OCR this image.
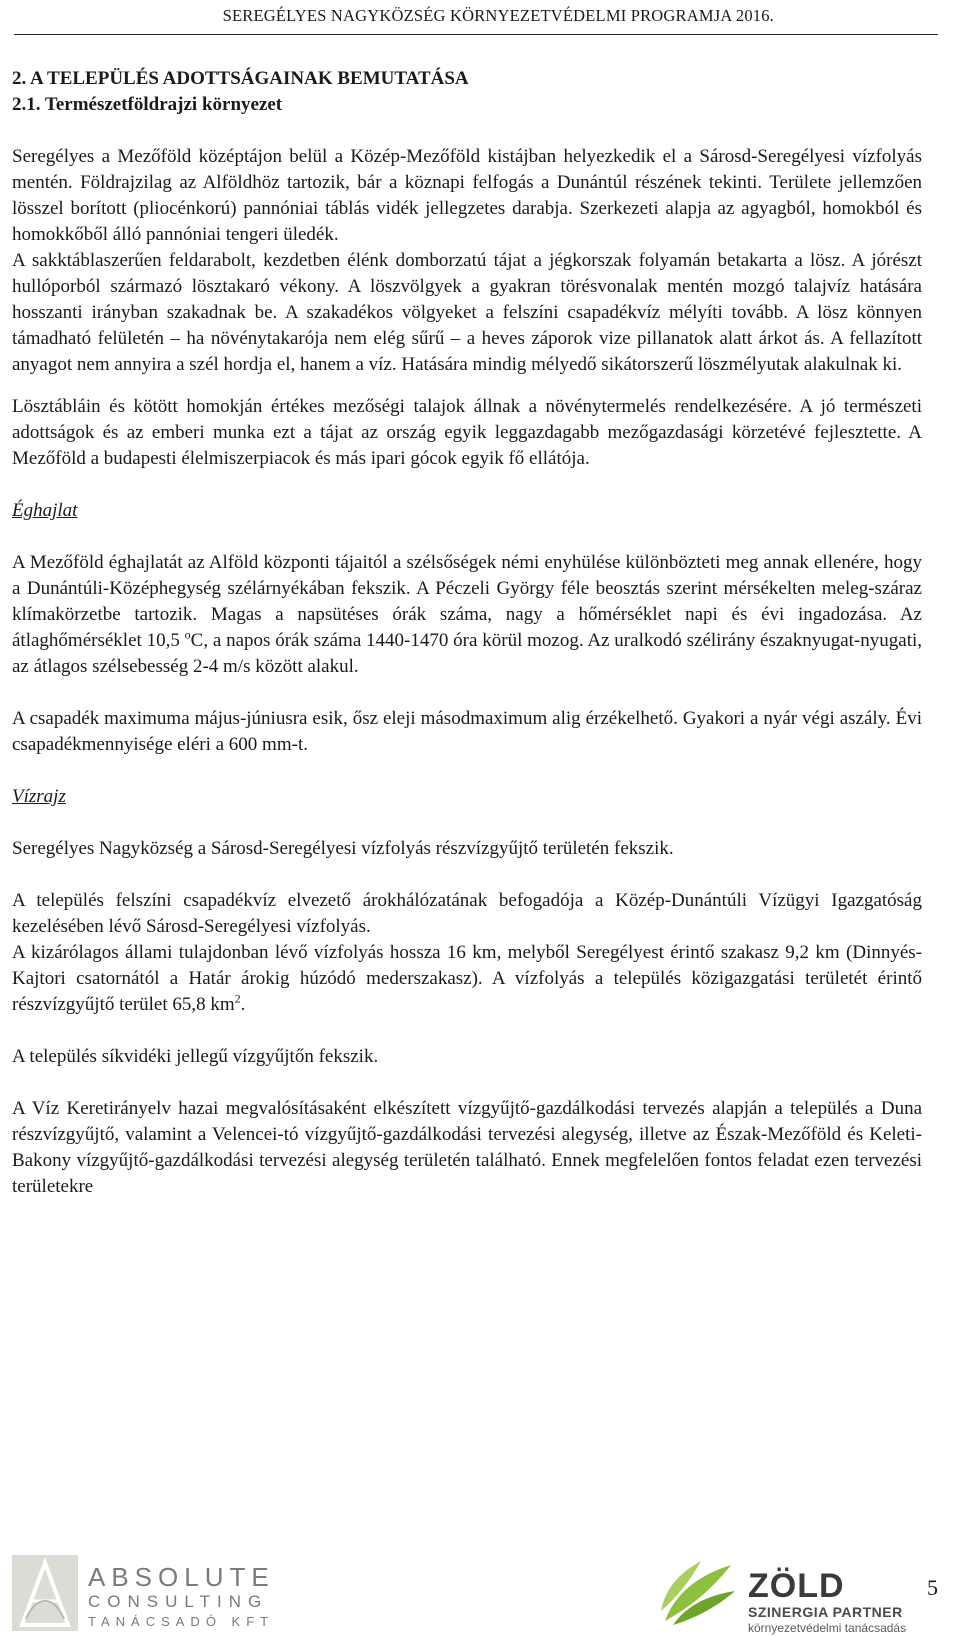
SEREGÉLYES NAGYKÖZSÉG KÖRNYEZETVÉDELMI PROGRAMJA 2016.

2. A TELEPÜLÉS ADOTTSÁGAINAK BEMUTATÁSA

2.1. Természetföldrajzi környezet

Seregélyes a Mezőföld középtájon belül a Közép-Mezőföld kistájban helyezkedik el a Sárosd-Seregélyesi vízfolyás mentén. Földrajzilag az Alföldhöz tartozik, bár a köznapi felfogás a Dunántúl részének tekinti. Területe jellemzően lösszel borított (pliocénkorú) pannóniai táblás vidék jellegzetes darabja. Szerkezeti alapja az agyagból, homokból és homokkőből álló pannóniai tengeri üledék.

A sakktáblaszerűen feldarabolt, kezdetben élénk domborzatú tájat a jégkorszak folyamán betakarta a lösz. A jórészt hullóporból származó lösztakaró vékony. A löszvölgyek a gyakran törésvonalak mentén mozgó talajvíz hatására hosszanti irányban szakadnak be. A szakadékos völgyeket a felszíni csapadékvíz mélyíti tovább. A lösz könnyen támadható felületén – ha növénytakarója nem elég sűrű – a heves záporok vize pillanatok alatt árkot ás. A fellazított anyagot nem annyira a szél hordja el, hanem a víz. Hatására mindig mélyedő sikátorszerű löszmélyutak alakulnak ki.

Lösztábláin és kötött homokján értékes mezőségi talajok állnak a növénytermelés rendelkezésére. A jó természeti adottságok és az emberi munka ezt a tájat az ország egyik leggazdagabb mezőgazdasági körzetévé fejlesztette. A Mezőföld a budapesti élelmiszerpiacok és más ipari gócok egyik fő ellátója.

Éghajlat

A Mezőföld éghajlatát az Alföld központi tájaitól a szélsőségek némi enyhülése különbözteti meg annak ellenére, hogy a Dunántúli-Középhegység szélárnyékában fekszik. A Péczeli György féle beosztás szerint mérsékelten meleg-száraz klímakörzetbe tartozik. Magas a napsütéses órák száma, nagy a hőmérséklet napi és évi ingadozása. Az átlaghőmérséklet 10,5 $^o$C, a napos órák száma 1440-1470 óra körül mozog. Az uralkodó szélirány északnyugat-nyugati, az átlagos szélsebesség 2-4 m/s között alakul.

A csapadék maximuma május-júniusra esik, ősz eleji másodmaximum alig érzékelhető. Gyakori a nyár végi aszály. Évi csapadékmennyisége eléri a 600 mm-t.

Vízrajz

Seregélyes Nagyközség a Sárosd-Seregélyesi vízfolyás részvízgyűjtő területén fekszik.

A település felszíni csapadékvíz elvezető árokhálózatának befogadója a Közép-Dunántúli Vízügyi Igazgatóság kezelésében lévő Sárosd-Seregélyesi vízfolyás.

A kizárólagos állami tulajdonban lévő vízfolyás hossza 16 km, melyből Seregélyest érintő szakasz 9,2 km (Dinnyés-Kajtori csatornától a Határ árokig húzódó mederszakasz). A vízfolyás a település közigazgatási területét érintő részvízgyűjtő terület 65,8 $km^2$.

A település síkvidéki jellegű vízgyűjtőn fekszik.

A Víz Keretirányelv hazai megvalósításaként elkészített vízgyűjtő-gazdálkodási tervezés alapján a település a Duna részvízgyűjtő, valamint a Velencei-tó vízgyűjtő-gazdálkodási tervezési alegység, illetve az Észak-Mezőföld és Keleti-Bakony vízgyűjtő-gazdálkodási tervezési alegység területén található. Ennek megfelelően fontos feladat ezen tervezési területekre

ABSOLUTE
CONSULTING
TANÁCSADÓ KFT
ZÖLD
SZINERGIA PARTNER
környezetvédelmi tanácsadás
5
